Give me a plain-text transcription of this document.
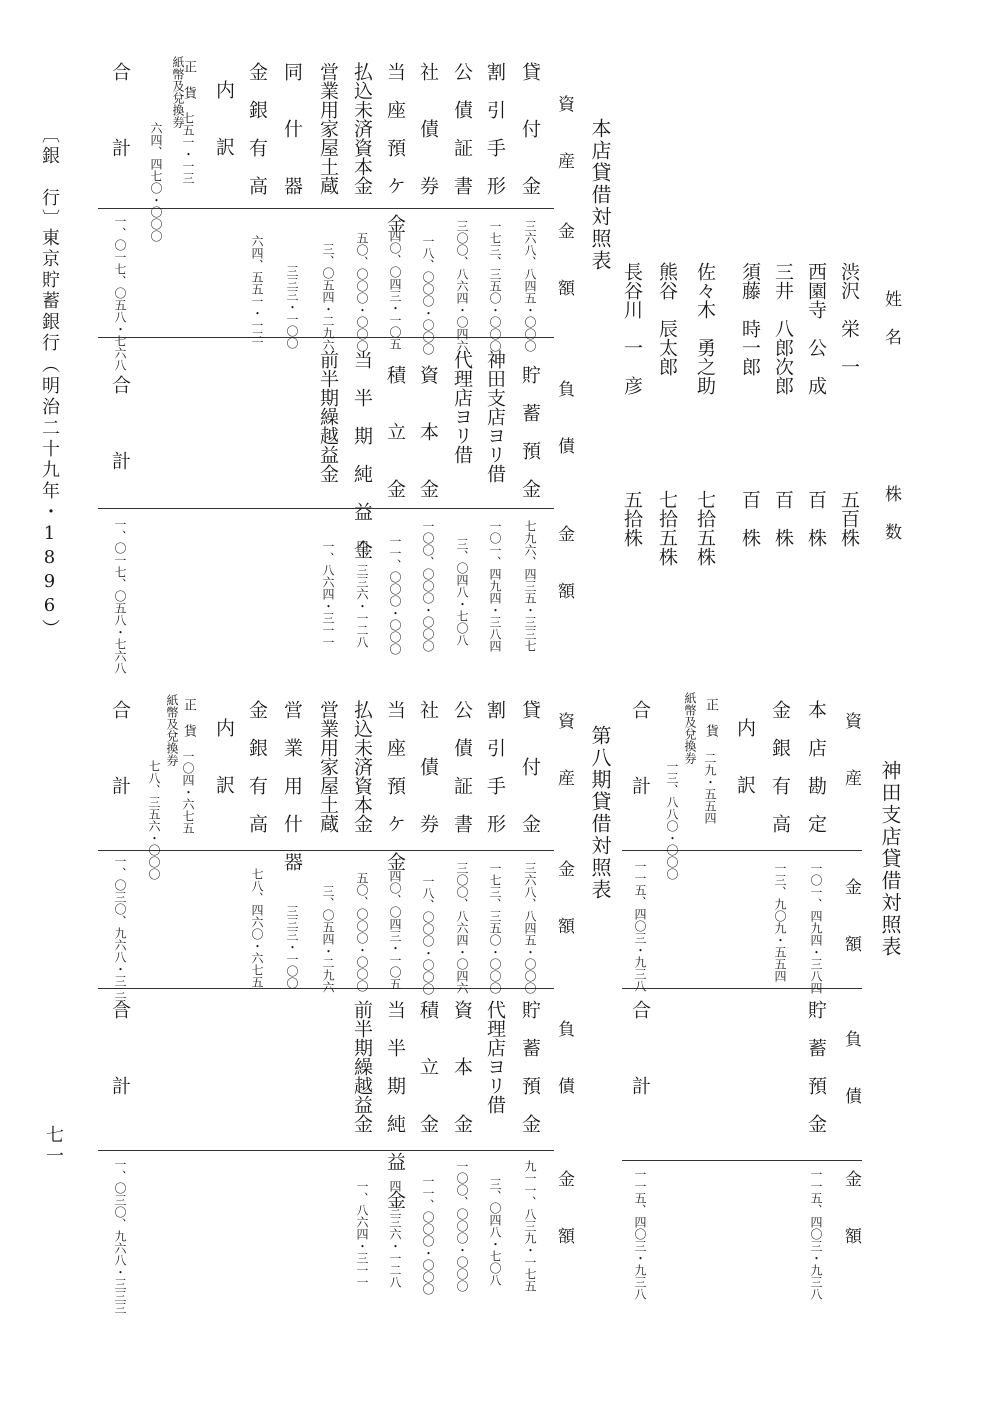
〔銀　行〕
東京貯蓄銀行
（明治二十九年・1896）
七一
姓　名
株　数
渋沢　栄　一
五百株
西園寺　公　成
百　株
三井　八郎次郎
百　株
須藤　時一郎
百　株
佐々木　勇之助
七拾五株
熊谷　辰太郎
七拾五株
長谷川　一　彦
五拾株
本店貸借対照表
資　　産
金　　額
負　　債
金　　額
貸　　付　　金
三六八、八四五・〇〇〇
割　引　手　形
一七三、三五〇・〇〇〇
公　債　証　書
三〇〇、八六四・〇四六
社　　債　　券
一八、〇〇〇・〇〇〇
当　座　預　ケ　金
四〇、〇四三・一〇五
払込未済資本金
五〇、〇〇〇・〇〇〇
営業用家屋土蔵
三、〇五四・二九六
同　　什　　器
三三三・一〇〇
金　銀　有　高
六四、五五一・一三
内　　訳
正　貨
七五一・一三
紙幣及兌換券
六四、四七〇・〇〇〇
合　　　計
一、〇一七、〇五八・七六八
貯　蓄　預　金
七九六、四三五・三三七
神田支店ヨリ借
一〇一、四九四・三八四
代理店ヨリ借
三、〇四八・七〇八
資　　本　　金
一〇〇、〇〇〇・〇〇〇
積　　立　　金
一一、〇〇〇・〇〇〇
当　半　期　純　益　金
四、三三六・一二八
前半期繰越益金
一、八六四・三一一
合　　　計
一、〇一七、〇五八・七六八
神田支店貸借対照表
資　　産
金　　額
負　　債
金　　額
本　店　勘　定
一〇一、四九四・三八四
金　銀　有　高
一三、九〇九・五五四
内　　訳
正　貨
二九・五五四
紙幣及兌換券
一三、八八〇・〇〇〇
合　　　計
一一五、四〇三・九三八
貯　蓄　預　金
一一五、四〇三・九三八
合　　　計
一一五、四〇三・九三八
第八期貸借対照表
資　　産
金　　額
負　　債
金　　額
貸　　付　　金
三六八、八四五・〇〇〇
割　引　手　形
一七三、三五〇・〇〇〇
公　債　証　書
三〇〇、八六四・〇四六
社　　債　　券
一八、〇〇〇・〇〇〇
当　座　預　ケ　金
四〇、〇四三・一〇五
払込未済資本金
五〇、〇〇〇・〇〇〇
営業用家屋土蔵
三、〇五四・二九六
営　業　用　什　器
三三三・一〇〇
金　銀　有　高
七八、四六〇・六七五
内　　訳
正　貨
一〇四・六七五
紙幣及兌換券
七八、三五六・〇〇〇
合　　　計
一、〇三〇、九六八・三三三
貯　蓄　預　金
九一一、八三九・一七五
代理店ヨリ借
三、〇四八・七〇八
資　　本　　金
一〇〇、〇〇〇・〇〇〇
積　　立　　金
一一、〇〇〇・〇〇〇
当　半　期　純　益　金
四、三三六・一二八
前半期繰越益金
一、八六四・三一一
合　　　計
一、〇三〇、九六八・三三三
